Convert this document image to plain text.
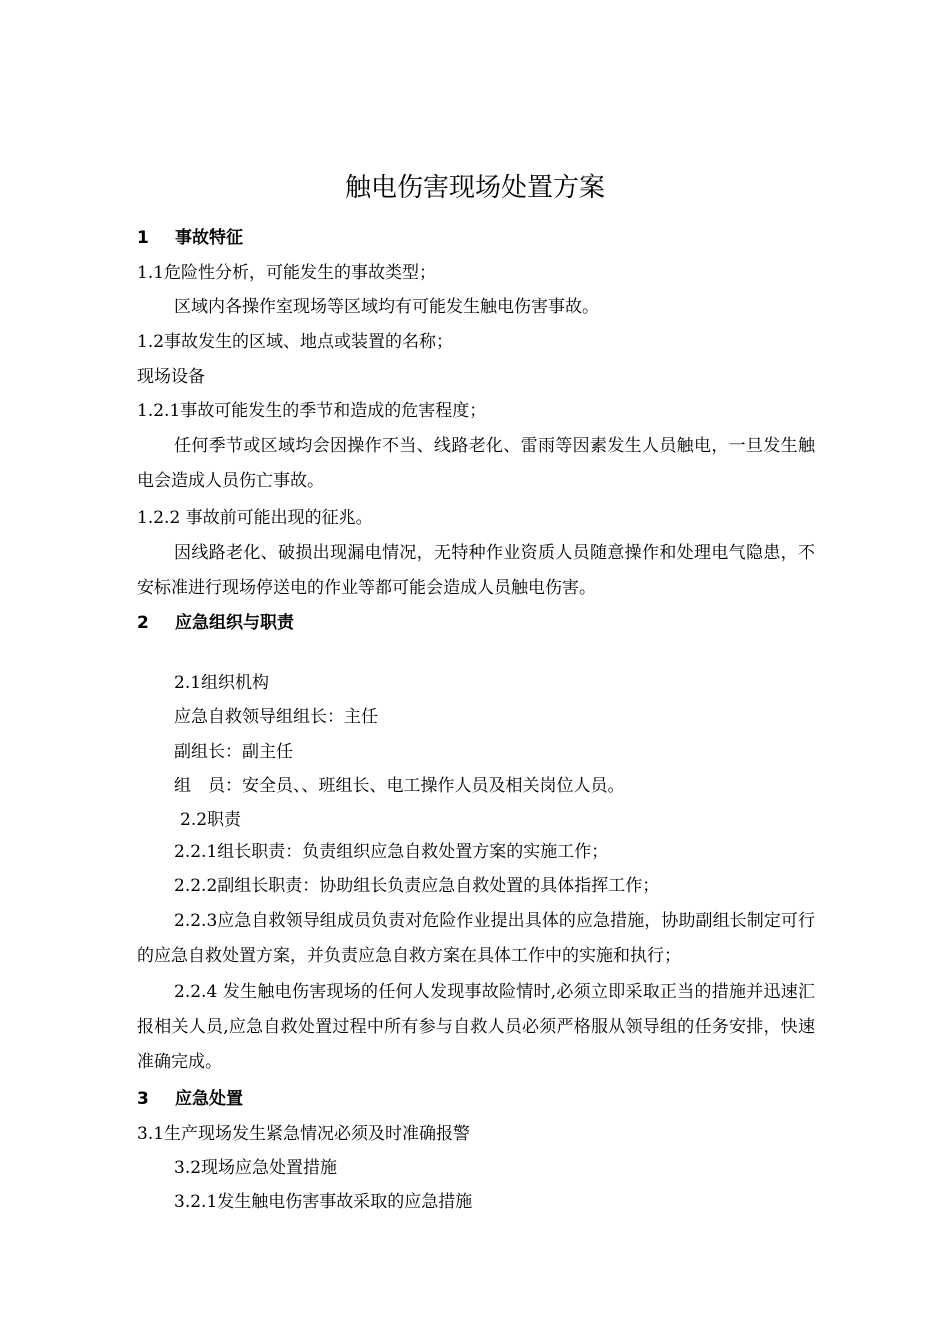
触电伤害现场处置方案
1 事故特征
1.1危险性分析，可能发生的事故类型；
区域内各操作室现场等区域均有可能发生触电伤害事故。
1.2事故发生的区域、地点或装置的名称；
现场设备
1.2.1事故可能发生的季节和造成的危害程度；
任何季节或区域均会因操作不当、线路老化、雷雨等因素发生人员触电，一旦发生触电会造成人员伤亡事故。
1.2.2 事故前可能出现的征兆。
因线路老化、破损出现漏电情况，无特种作业资质人员随意操作和处理电气隐患，不安标准进行现场停送电的作业等都可能会造成人员触电伤害。
2 应急组织与职责
2.1组织机构
应急自救领导组组长：主任
副组长：副主任
组　员：安全员、、班组长、电工操作人员及相关岗位人员。
2.2职责
2.2.1组长职责：负责组织应急自救处置方案的实施工作；
2.2.2副组长职责：协助组长负责应急自救处置的具体指挥工作；
2.2.3应急自救领导组成员负责对危险作业提出具体的应急措施，协助副组长制定可行的应急自救处置方案，并负责应急自救方案在具体工作中的实施和执行；
2.2.4 发生触电伤害现场的任何人发现事故险情时,必须立即采取正当的措施并迅速汇报相关人员,应急自救处置过程中所有参与自救人员必须严格服从领导组的任务安排，快速准确完成。
3 应急处置
3.1生产现场发生紧急情况必须及时准确报警
3.2现场应急处置措施
3.2.1发生触电伤害事故采取的应急措施
